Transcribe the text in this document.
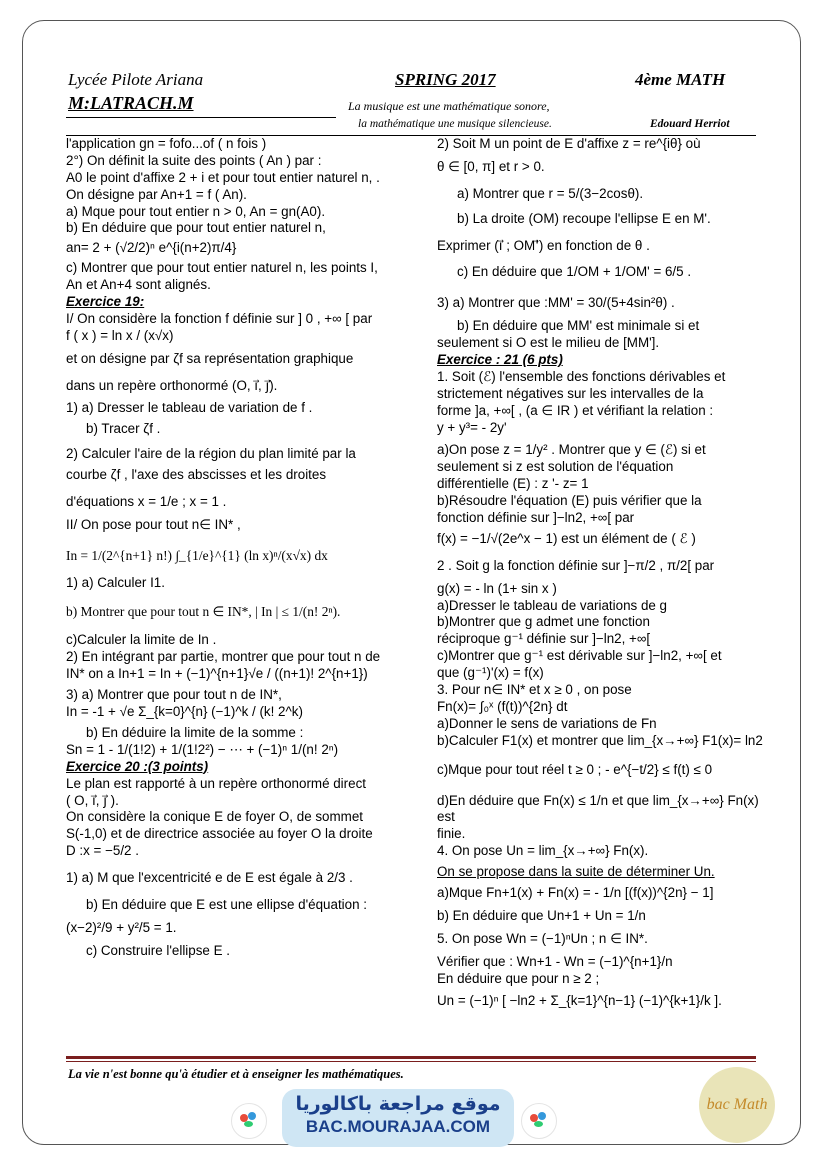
Lycée Pilote Ariana	SPRING 2017	4ème MATH
M:LATRACH.M	La musique est une mathématique sonore,
la mathématique une musique silencieuse.	Edouard Herriot

l'application gn = fofo...of ( n fois )

2°) On définit la suite des points ( An ) par :

A0 le point d'affixe 2 + i et pour tout entier naturel n, .

On désigne par An+1 = f ( An).

a) Mque pour tout entier n > 0, An = gn(A0).

b) En déduire que pour tout entier naturel n,

an= 2 + (√2/2)ⁿ e^{i(n+2)π/4}

c) Montrer que pour tout entier naturel n, les points I,

An et An+4 sont alignés.

Exercice 19:

I/ On considère la fonction f définie sur ] 0 , +∞ [ par

f ( x ) = ln x / (x√x)

et on désigne par ζf sa représentation graphique

dans un repère orthonormé (O, i⃗, j⃗).

1) a) Dresser le tableau de variation de f .

b) Tracer ζf .

2) Calculer l'aire de la région du plan limité par la

courbe ζf , l'axe des abscisses et les droites

d'équations x = 1/e ; x = 1 .

II/ On pose pour tout n∈ IN* ,

In = 1/(2^{n+1} n!) ∫_{1/e}^{1} (ln x)ⁿ/(x√x) dx

1) a) Calculer I1.

b) Montrer que pour tout n ∈ IN*, | In | ≤ 1/(n! 2ⁿ).

c)Calculer la limite de In .

2) En intégrant par partie, montrer que pour tout n de

IN* on a In+1 = In + (−1)^{n+1}√e / ((n+1)! 2^{n+1})

3) a) Montrer que pour tout n de IN*,

In = -1 + √e Σ_{k=0}^{n} (−1)^k / (k! 2^k)

b) En déduire la limite de la somme :

Sn = 1 - 1/(1!2) + 1/(1!2²) − ⋯ + (−1)ⁿ 1/(n! 2ⁿ)

Exercice 20 :(3 points)

Le plan est rapporté à un repère orthonormé direct

( O, i⃗, j⃗ ).

On considère la conique E de foyer O, de sommet

S(-1,0) et de directrice associée au foyer O la droite

D :x = −5/2 .

1) a) M que l'excentricité e de E est égale à 2/3 .

b) En déduire que E est une ellipse d'équation :

(x−2)²/9 + y²/5 = 1.

c) Construire l'ellipse E .

2) Soit M un point de E d'affixe z = re^{iθ} où

θ ∈ [0, π] et r > 0.

a) Montrer que r = 5/(3−2cosθ).

b) La droite (OM) recoupe l'ellipse E en M'.

Exprimer (i⃗ ; OM'⃗) en fonction de θ .

c) En déduire que 1/OM + 1/OM' = 6/5 .

3) a) Montrer que :MM' = 30/(5+4sin²θ) .

b) En déduire que MM' est minimale si et

seulement si O est le milieu de [MM'].

Exercice : 21 (6 pts)

1. Soit (ℰ) l'ensemble des fonctions dérivables et

strictement négatives sur les intervalles de la

forme ]a, +∞[ , (a ∈ IR ) et vérifiant la relation :

y + y³= - 2y'

a)On pose z = 1/y² . Montrer que y ∈ (ℰ) si et

seulement si z est solution de l'équation

différentielle (E) : z '- z= 1

b)Résoudre l'équation (E) puis vérifier que la

fonction définie sur ]−ln2, +∞[ par

f(x) = −1/√(2e^x − 1) est un élément de ( ℰ )

2 . Soit g la fonction définie sur ]−π/2 , π/2[ par

g(x) = - ln (1+ sin x )

a)Dresser le tableau de variations de g

b)Montrer que g admet une fonction

réciproque g⁻¹ définie sur ]−ln2, +∞[

c)Montrer que g⁻¹ est dérivable sur ]−ln2, +∞[ et

que (g⁻¹)'(x) = f(x)

3. Pour n∈ IN* et x ≥ 0 , on pose

Fn(x)= ∫₀ˣ (f(t))^{2n} dt

a)Donner le sens de variations de Fn

b)Calculer F1(x) et montrer que lim_{x→+∞} F1(x)= ln2

c)Mque pour tout réel t ≥ 0 ; - e^{−t/2} ≤ f(t) ≤ 0

d)En déduire que Fn(x) ≤ 1/n et que lim_{x→+∞} Fn(x) est

finie.

4. On pose Un = lim_{x→+∞} Fn(x).

On se propose dans la suite de déterminer Un.

a)Mque Fn+1(x) + Fn(x) = - 1/n [(f(x))^{2n} − 1]

b) En déduire que Un+1 + Un = 1/n

5. On pose Wn = (−1)ⁿUn ; n ∈ IN*.

Vérifier que : Wn+1 - Wn = (−1)^{n+1}/n

En déduire que pour n ≥ 2 ;

Un = (−1)ⁿ [ −ln2 + Σ_{k=1}^{n−1} (−1)^{k+1}/k ].

La vie n'est bonne qu'à étudier et à enseigner les mathématiques.
موقع مراجعة باكالوريا
BAC.MOURAJAA.COM
bac Math
